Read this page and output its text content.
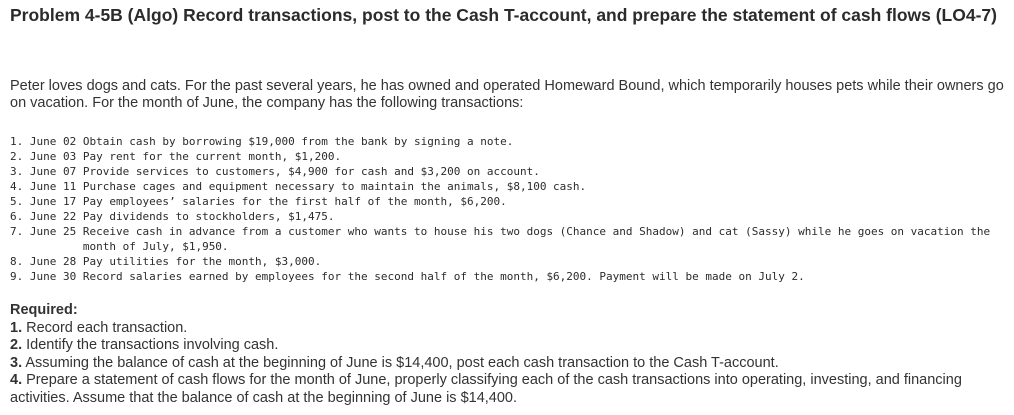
Problem 4-5B (Algo) Record transactions, post to the Cash T-account, and prepare the statement of cash flows (LO4-7)

Peter loves dogs and cats. For the past several years, he has owned and operated Homeward Bound, which temporarily houses pets while their owners go on vacation. For the month of June, the company has the following transactions:

1. June 02 Obtain cash by borrowing $19,000 from the bank by signing a note.
2. June 03 Pay rent for the current month, $1,200.
3. June 07 Provide services to customers, $4,900 for cash and $3,200 on account.
4. June 11 Purchase cages and equipment necessary to maintain the animals, $8,100 cash.
5. June 17 Pay employees’ salaries for the first half of the month, $6,200.
6. June 22 Pay dividends to stockholders, $1,475.
7. June 25 Receive cash in advance from a customer who wants to house his two dogs (Chance and Shadow) and cat (Sassy) while he goes on vacation the month of July, $1,950.
8. June 28 Pay utilities for the month, $3,000.
9. June 30 Record salaries earned by employees for the second half of the month, $6,200. Payment will be made on July 2.

Required:

1. Record each transaction.
2. Identify the transactions involving cash.
3. Assuming the balance of cash at the beginning of June is $14,400, post each cash transaction to the Cash T-account.
4. Prepare a statement of cash flows for the month of June, properly classifying each of the cash transactions into operating, investing, and financing activities. Assume that the balance of cash at the beginning of June is $14,400.
